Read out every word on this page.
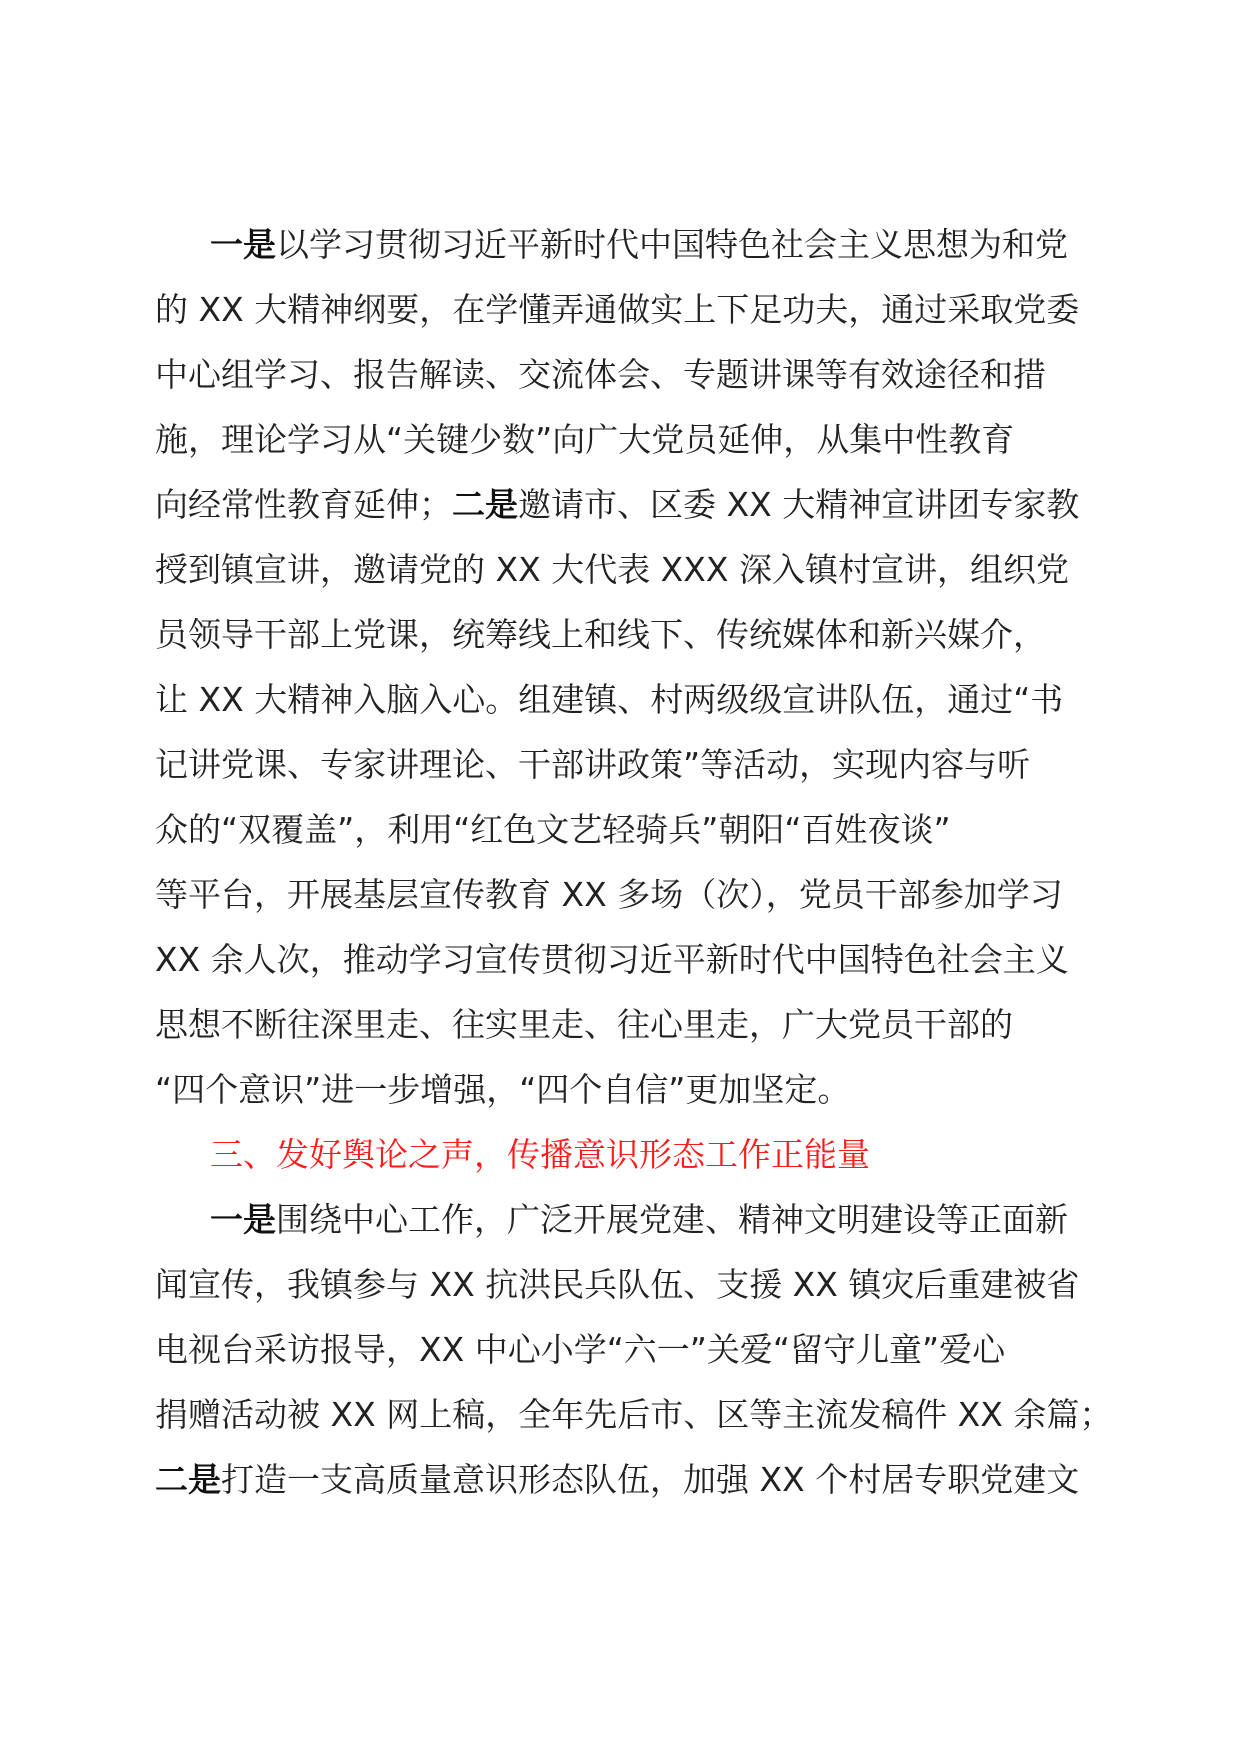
一是以学习贯彻习近平新时代中国特色社会主义思想为和党
的 XX 大精神纲要，在学懂弄通做实上下足功夫，通过采取党委
中心组学习、报告解读、交流体会、专题讲课等有效途径和措
施，理论学习从“关键少数”向广大党员延伸，从集中性教育
向经常性教育延伸；二是邀请市、区委 XX 大精神宣讲团专家教
授到镇宣讲，邀请党的 XX 大代表 XXX 深入镇村宣讲，组织党
员领导干部上党课，统筹线上和线下、传统媒体和新兴媒介，
让 XX 大精神入脑入心。组建镇、村两级级宣讲队伍，通过“书
记讲党课、专家讲理论、干部讲政策”等活动，实现内容与听
众的“双覆盖”，利用“红色文艺轻骑兵”朝阳“百姓夜谈”
等平台，开展基层宣传教育 XX 多场（次），党员干部参加学习
XX 余人次，推动学习宣传贯彻习近平新时代中国特色社会主义
思想不断往深里走、往实里走、往心里走，广大党员干部的
“四个意识”进一步增强，“四个自信”更加坚定。
三、发好舆论之声，传播意识形态工作正能量
一是围绕中心工作，广泛开展党建、精神文明建设等正面新
闻宣传，我镇参与 XX 抗洪民兵队伍、支援 XX 镇灾后重建被省
电视台采访报导，XX 中心小学“六一”关爱“留守儿童”爱心
捐赠活动被 XX 网上稿，全年先后市、区等主流发稿件 XX 余篇；
二是打造一支高质量意识形态队伍，加强 XX 个村居专职党建文
